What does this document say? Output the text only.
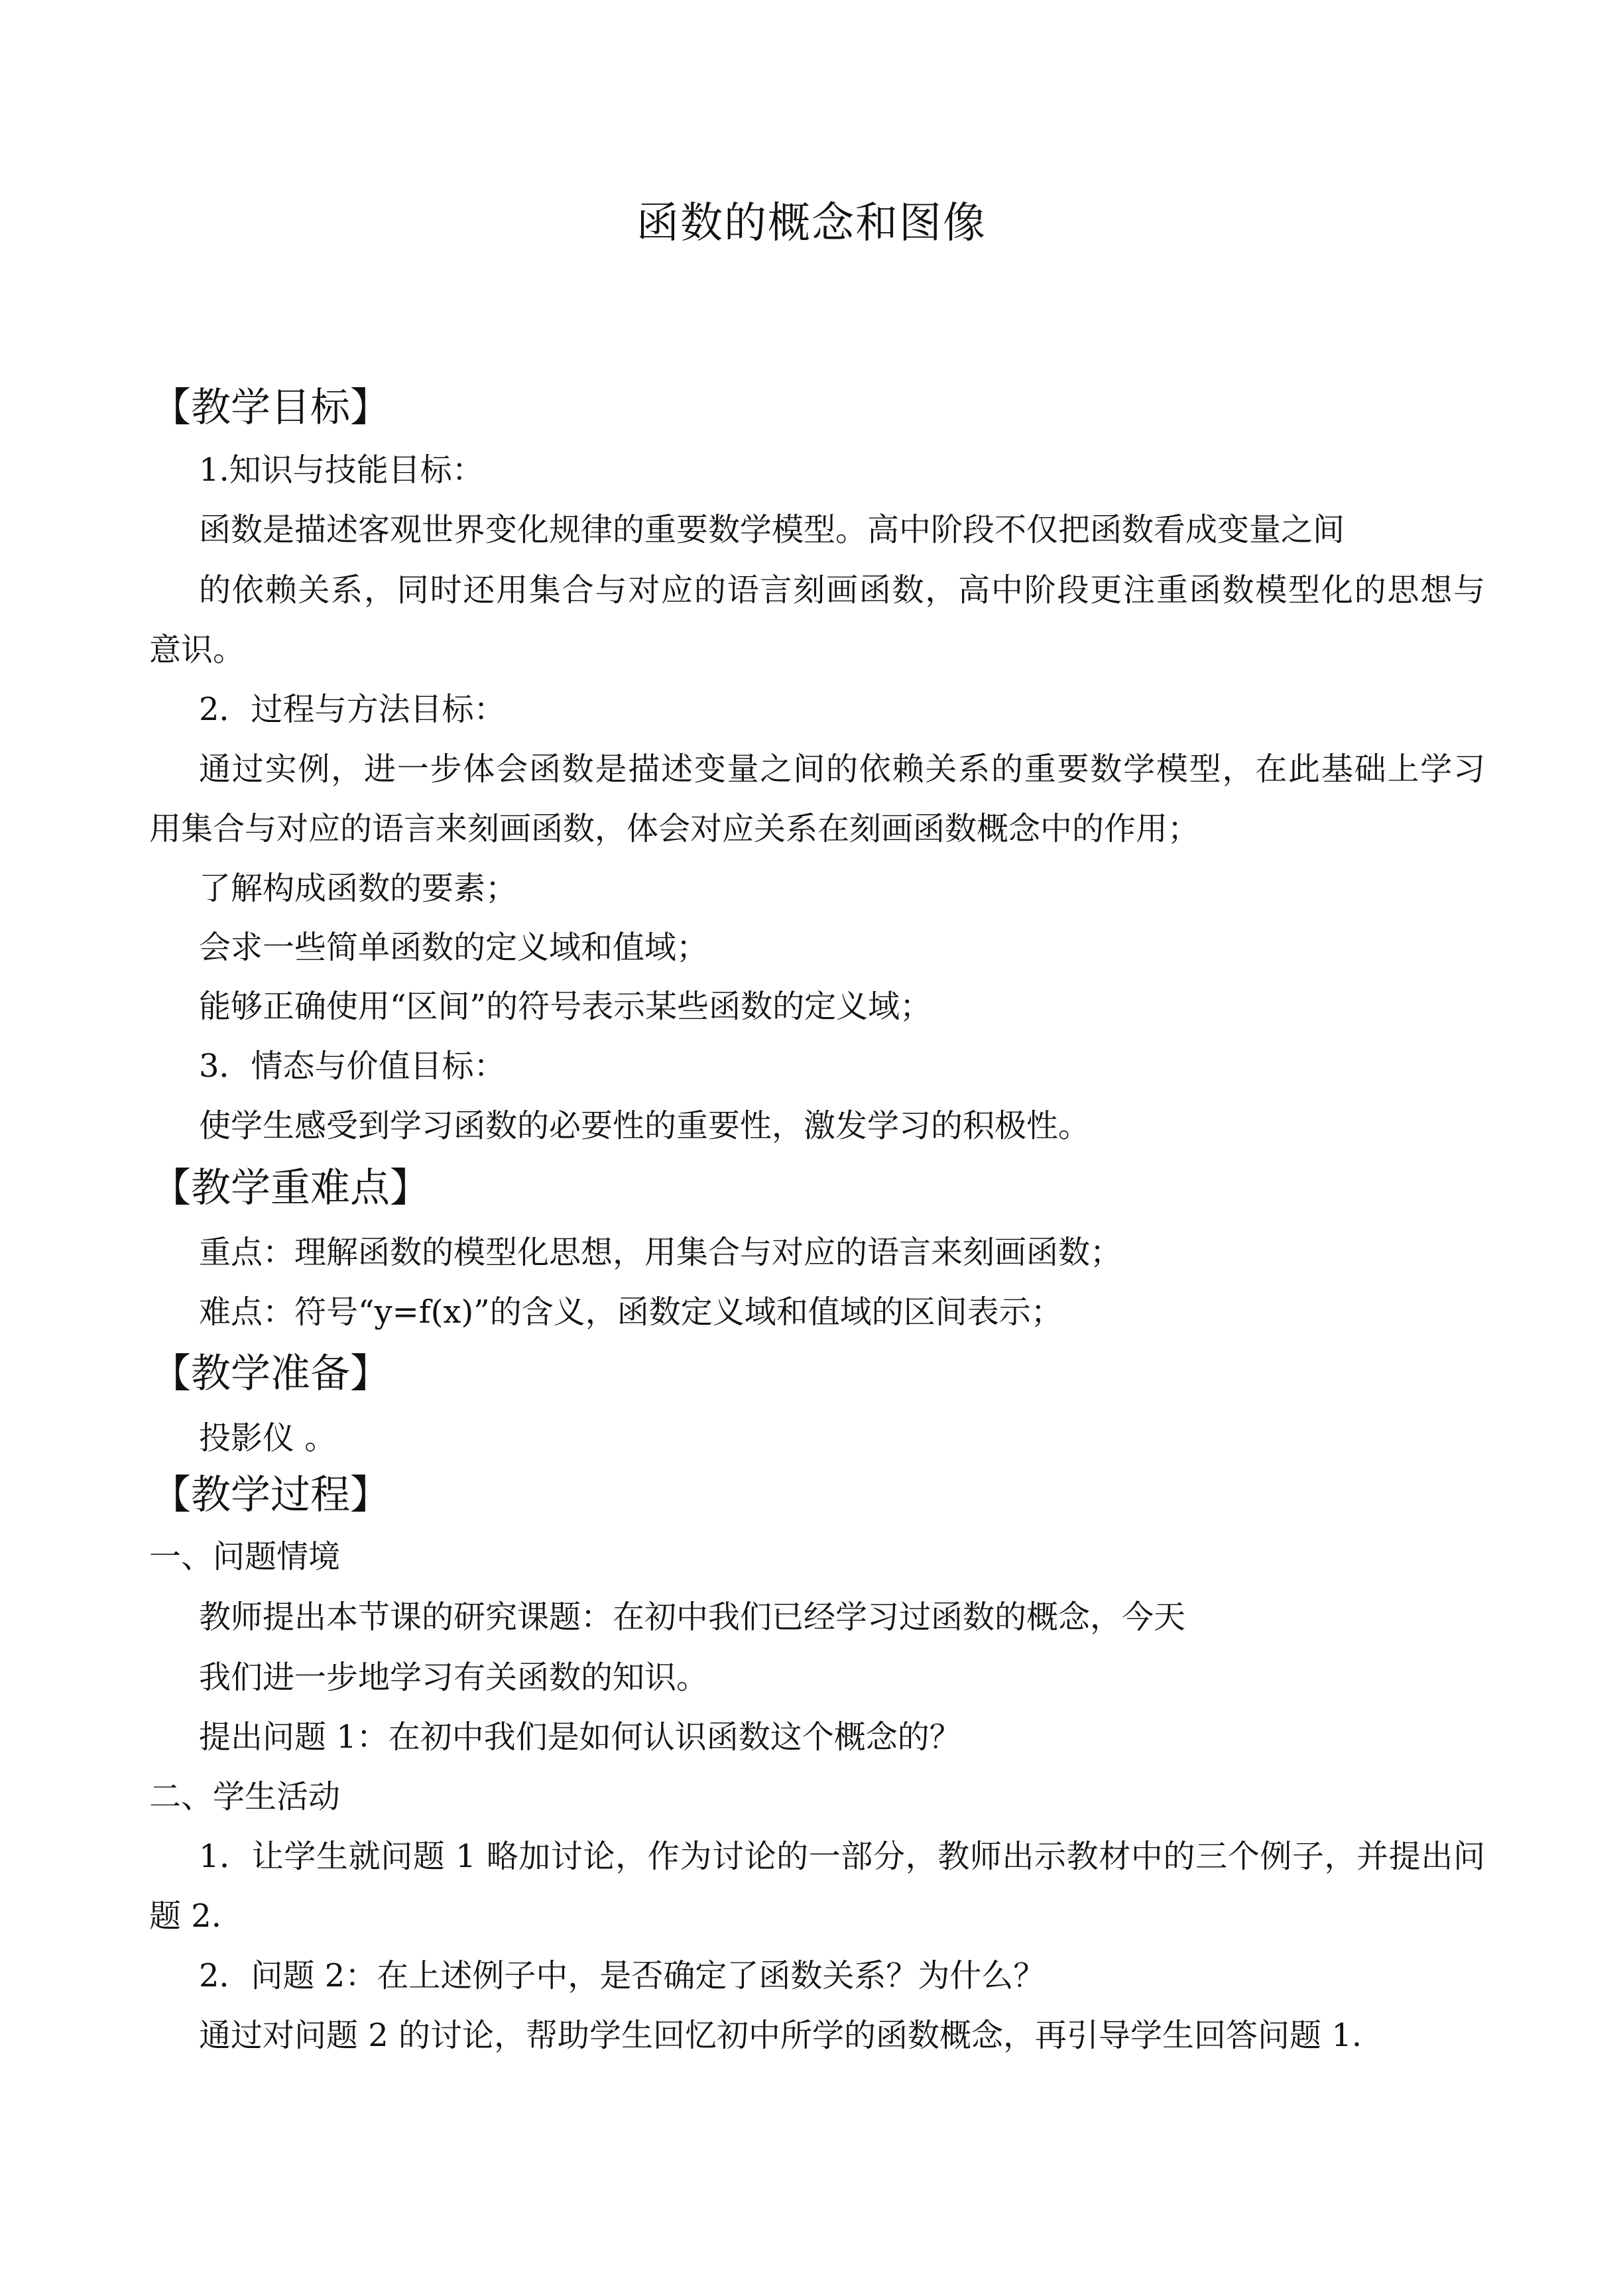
函数的概念和图像
【教学目标】
1.知识与技能目标：
函数是描述客观世界变化规律的重要数学模型。高中阶段不仅把函数看成变量之间
的依赖关系，同时还用集合与对应的语言刻画函数，高中阶段更注重函数模型化的思想与
意识。
2．过程与方法目标：
通过实例，进一步体会函数是描述变量之间的依赖关系的重要数学模型，在此基础上学习
用集合与对应的语言来刻画函数，体会对应关系在刻画函数概念中的作用；
了解构成函数的要素；
会求一些简单函数的定义域和值域；
能够正确使用“区间”的符号表示某些函数的定义域；
3．情态与价值目标：
使学生感受到学习函数的必要性的重要性，激发学习的积极性。
【教学重难点】
重点：理解函数的模型化思想，用集合与对应的语言来刻画函数；
难点：符号“y=f(x)”的含义，函数定义域和值域的区间表示；
【教学准备】
投影仪 。
【教学过程】
一、问题情境
教师提出本节课的研究课题：在初中我们已经学习过函数的概念，今天
我们进一步地学习有关函数的知识。
提出问题 1：在初中我们是如何认识函数这个概念的？
二、学生活动
1．让学生就问题 1 略加讨论，作为讨论的一部分，教师出示教材中的三个例子，并提出问
题 2.
2．问题 2：在上述例子中，是否确定了函数关系？为什么？
通过对问题 2 的讨论，帮助学生回忆初中所学的函数概念，再引导学生回答问题 1.
